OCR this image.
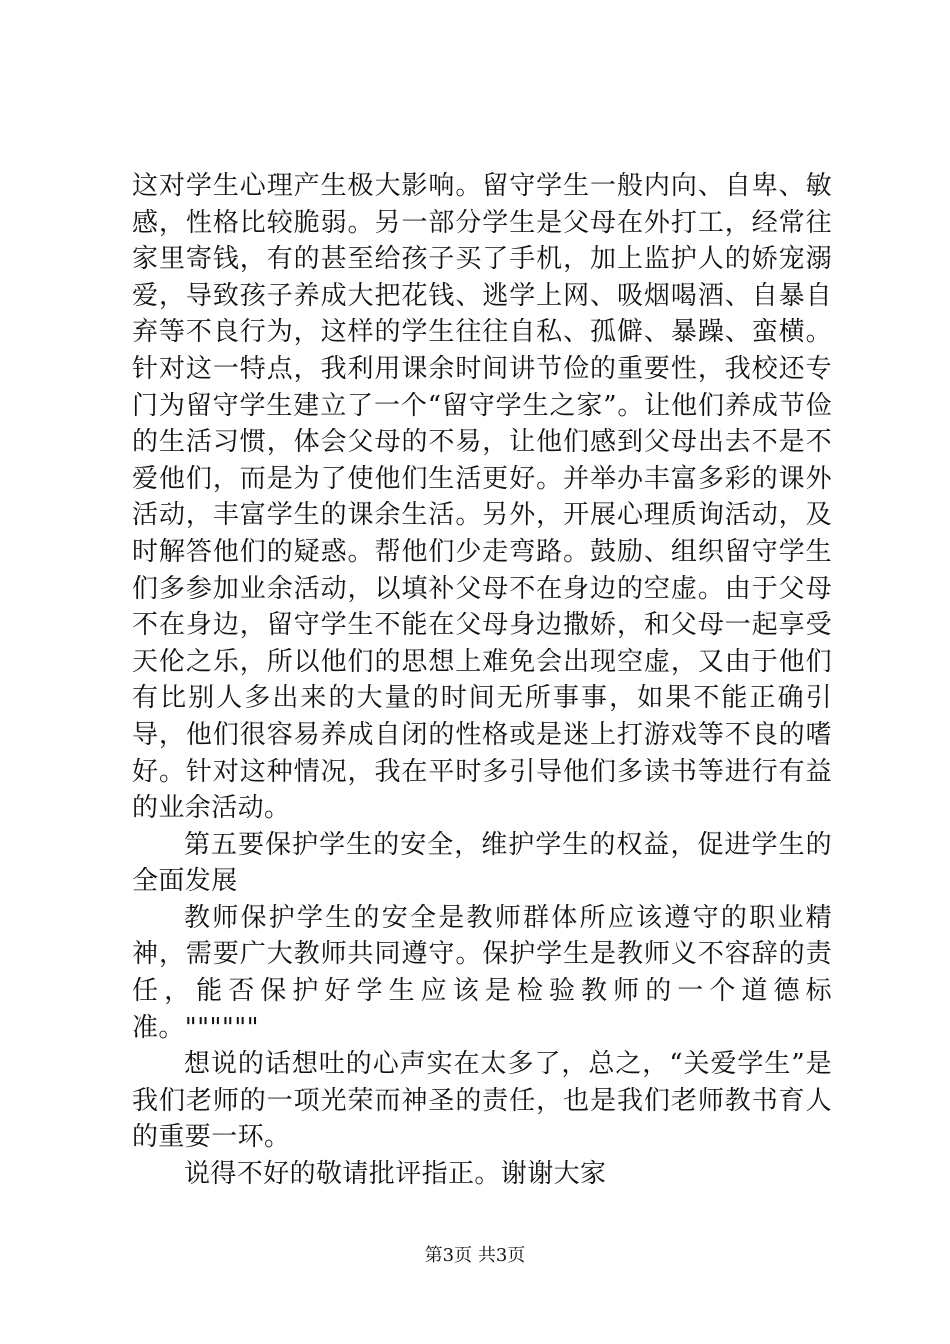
这对学生心理产生极大影响。留守学生一般内向、自卑、敏感，性格比较脆弱。另一部分学生是父母在外打工，经常往家里寄钱，有的甚至给孩子买了手机，加上监护人的娇宠溺爱，导致孩子养成大把花钱、逃学上网、吸烟喝酒、自暴自弃等不良行为，这样的学生往往自私、孤僻、暴躁、蛮横。针对这一特点，我利用课余时间讲节俭的重要性，我校还专门为留守学生建立了一个“留守学生之家”。让他们养成节俭的生活习惯，体会父母的不易，让他们感到父母出去不是不爱他们，而是为了使他们生活更好。并举办丰富多彩的课外活动，丰富学生的课余生活。另外，开展心理质询活动，及时解答他们的疑惑。帮他们少走弯路。鼓励、组织留守学生们多参加业余活动，以填补父母不在身边的空虚。由于父母不在身边，留守学生不能在父母身边撒娇，和父母一起享受天伦之乐，所以他们的思想上难免会出现空虚，又由于他们有比别人多出来的大量的时间无所事事，如果不能正确引导，他们很容易养成自闭的性格或是迷上打游戏等不良的嗜好。针对这种情况，我在平时多引导他们多读书等进行有益的业余活动。

第五要保护学生的安全，维护学生的权益，促进学生的全面发展

教师保护学生的安全是教师群体所应该遵守的职业精神，需要广大教师共同遵守。保护学生是教师义不容辞的责任，能否保护好学生应该是检验教师的一个道德标准。""""""

想说的话想吐的心声实在太多了，总之，“关爱学生”是我们老师的一项光荣而神圣的责任，也是我们老师教书育人的重要一环。

说得不好的敬请批评指正。谢谢大家

第3页 共3页
